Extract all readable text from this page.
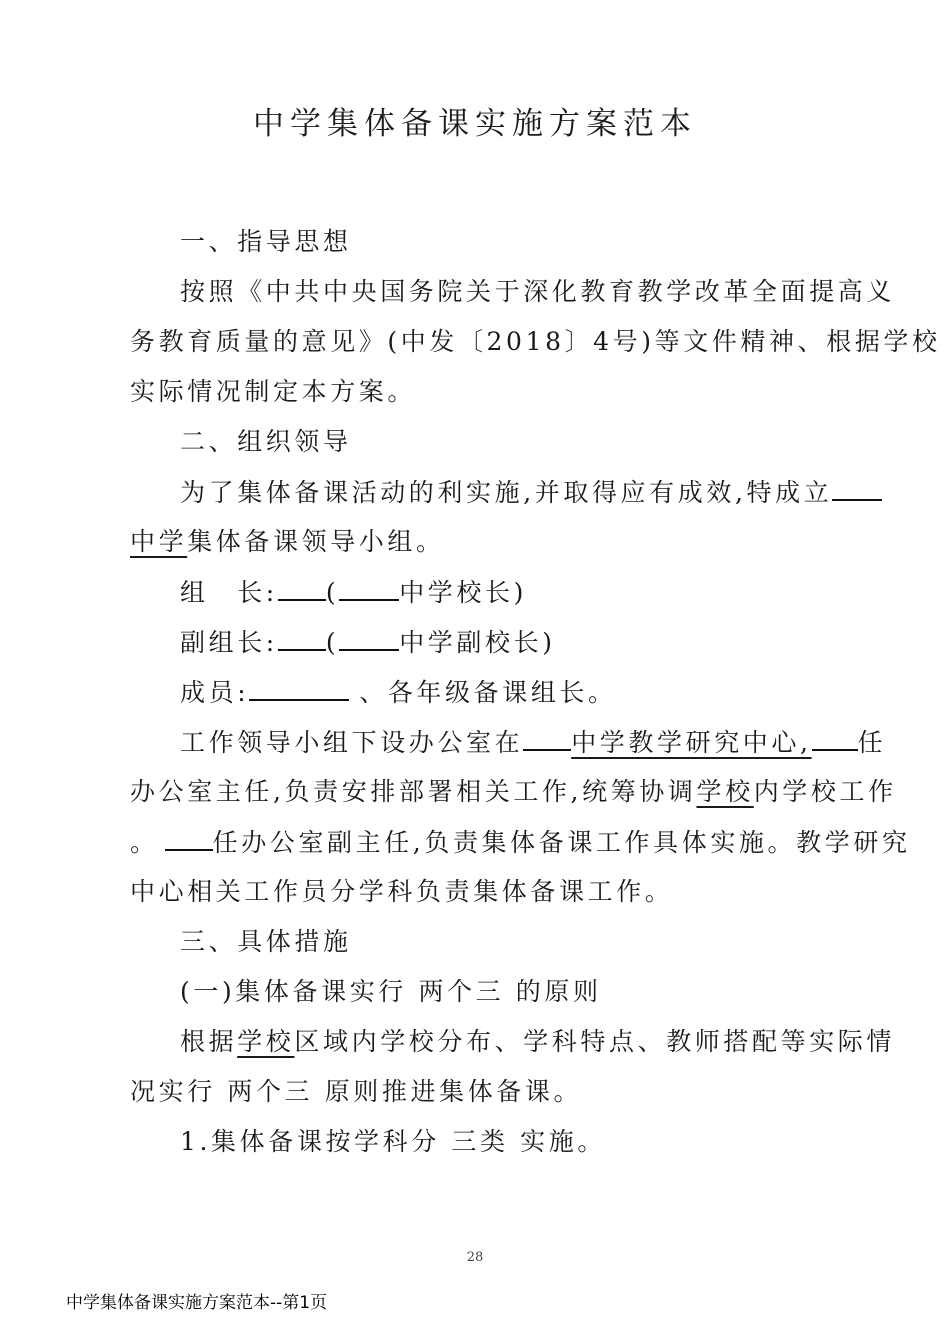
中学集体备课实施方案范本
一、指导思想
按照《中共中央国务院关于深化教育教学改革全面提高义
务教育质量的意见》(中发〔2018〕4号)等文件精神、根据学校
实际情况制定本方案。
二、组织领导
为了集体备课活动的利实施,并取得应有成效,特成立
中学集体备课领导小组。
组　长: ( 中学校长)
副组长: ( 中学副校长)
成员:	、各年级备课组长。
工作领导小组下设办公室在 中学教学研究中心, 任
办公室主任,负责安排部署相关工作,统筹协调学校内学校工作
。 任办公室副主任,负责集体备课工作具体实施。教学研究
中心相关工作员分学科负责集体备课工作。
三、具体措施
(一)集体备课实行 两个三 的原则
根据学校区域内学校分布、学科特点、教师搭配等实际情
况实行 两个三 原则推进集体备课。
1.集体备课按学科分 三类 实施。
28
中学集体备课实施方案范本--第1页
